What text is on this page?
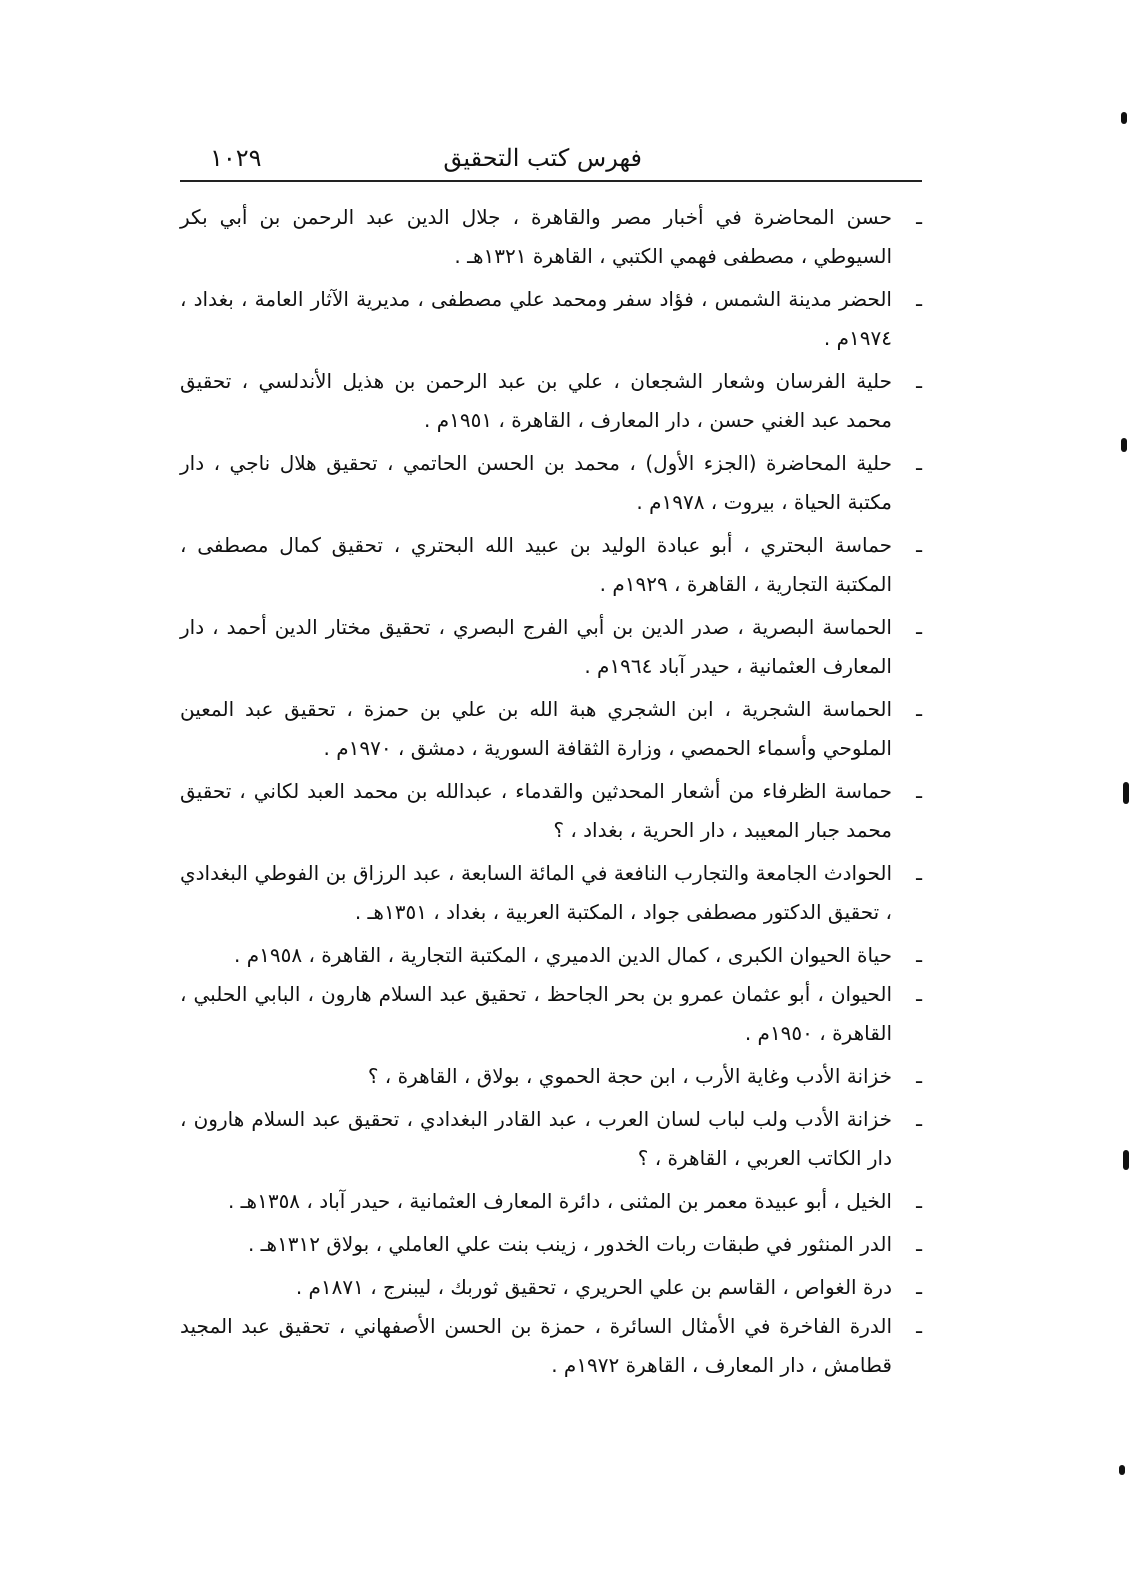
فهرس كتب التحقيق
١٠٢٩
ـ
حسن المحاضرة في أخبار مصر والقاهرة ، جلال الدين عبد الرحمن بن أبي بكر السيوطي ، مصطفى فهمي الكتبي ، القاهرة ١٣٢١هـ .
ـ
الحضر مدينة الشمس ، فؤاد سفر ومحمد علي مصطفى ، مديرية الآثار العامة ، بغداد ، ١٩٧٤م .
ـ
حلية الفرسان وشعار الشجعان ، علي بن عبد الرحمن بن هذيل الأندلسي ، تحقيق محمد عبد الغني حسن ، دار المعارف ، القاهرة ، ١٩٥١م .
ـ
حلية المحاضرة (الجزء الأول) ، محمد بن الحسن الحاتمي ، تحقيق هلال ناجي ، دار مكتبة الحياة ، بيروت ، ١٩٧٨م .
ـ
حماسة البحتري ، أبو عبادة الوليد بن عبيد الله البحتري ، تحقيق كمال مصطفى ، المكتبة التجارية ، القاهرة ، ١٩٢٩م .
ـ
الحماسة البصرية ، صدر الدين بن أبي الفرج البصري ، تحقيق مختار الدين أحمد ، دار المعارف العثمانية ، حيدر آباد ١٩٦٤م .
ـ
الحماسة الشجرية ، ابن الشجري هبة الله بن علي بن حمزة ، تحقيق عبد المعين الملوحي وأسماء الحمصي ، وزارة الثقافة السورية ، دمشق ، ١٩٧٠م .
ـ
حماسة الظرفاء من أشعار المحدثين والقدماء ، عبدالله بن محمد العبد لكاني ، تحقيق محمد جبار المعيبد ، دار الحرية ، بغداد ، ؟
ـ
الحوادث الجامعة والتجارب النافعة في المائة السابعة ، عبد الرزاق بن الفوطي البغدادي ، تحقيق الدكتور مصطفى جواد ، المكتبة العربية ، بغداد ، ١٣٥١هـ .
ـ
حياة الحيوان الكبرى ، كمال الدين الدميري ، المكتبة التجارية ، القاهرة ، ١٩٥٨م .
ـ
الحيوان ، أبو عثمان عمرو بن بحر الجاحظ ، تحقيق عبد السلام هارون ، البابي الحلبي ، القاهرة ، ١٩٥٠م .
ـ
خزانة الأدب وغاية الأرب ، ابن حجة الحموي ، بولاق ، القاهرة ، ؟
ـ
خزانة الأدب ولب لباب لسان العرب ، عبد القادر البغدادي ، تحقيق عبد السلام هارون ، دار الكاتب العربي ، القاهرة ، ؟
ـ
الخيل ، أبو عبيدة معمر بن المثنى ، دائرة المعارف العثمانية ، حيدر آباد ، ١٣٥٨هـ .
ـ
الدر المنثور في طبقات ربات الخدور ، زينب بنت علي العاملي ، بولاق ١٣١٢هـ .
ـ
درة الغواص ، القاسم بن علي الحريري ، تحقيق ثوربك ، ليبنرج ، ١٨٧١م .
ـ
الدرة الفاخرة في الأمثال السائرة ، حمزة بن الحسن الأصفهاني ، تحقيق عبد المجيد قطامش ، دار المعارف ، القاهرة ١٩٧٢م .
